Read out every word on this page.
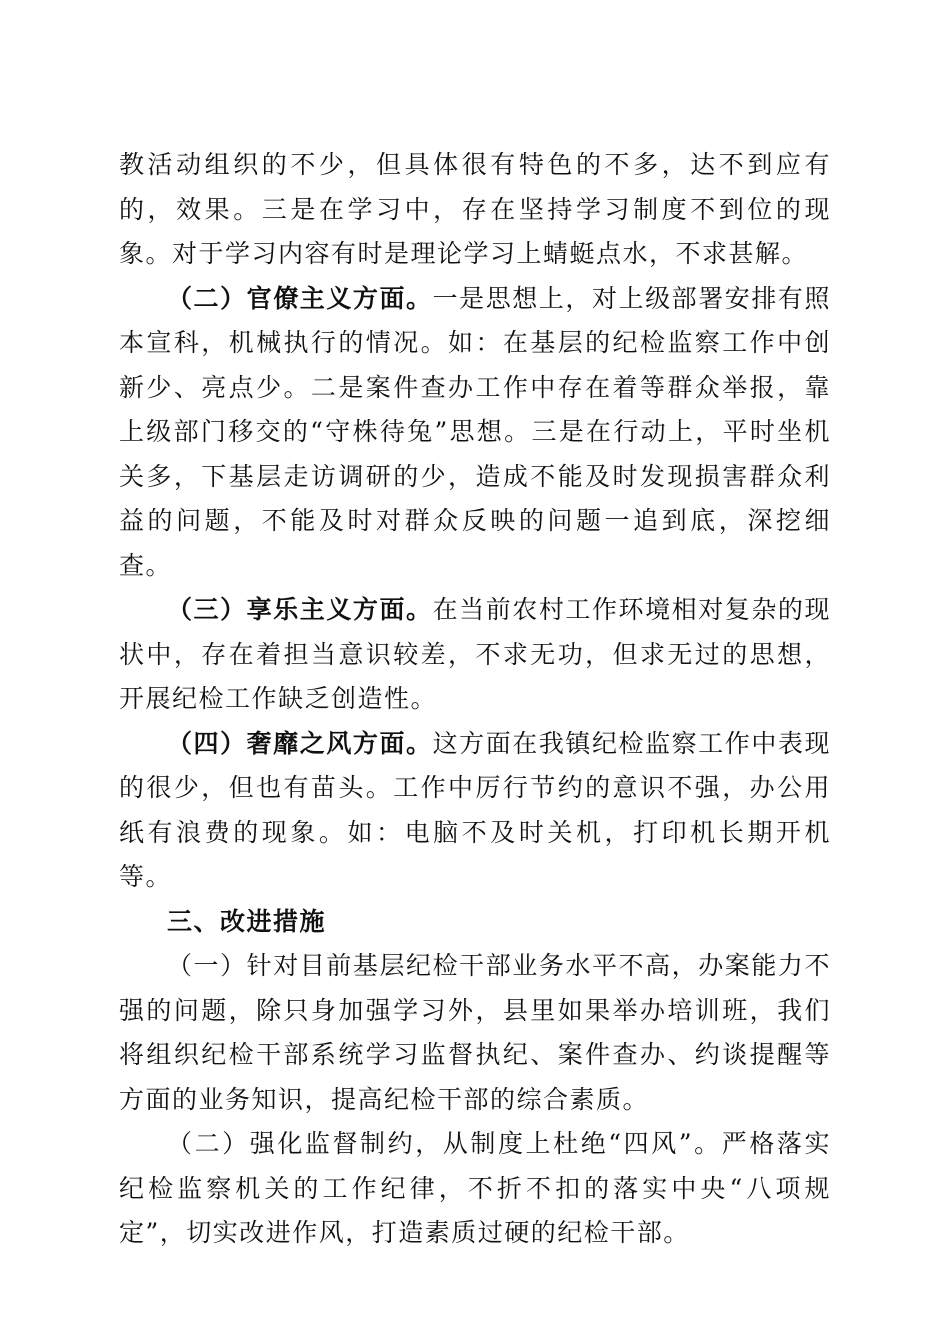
教活动组织的不少，但具体很有特色的不多，达不到应有的，效果。三是在学习中，存在坚持学习制度不到位的现象。对于学习内容有时是理论学习上蜻蜓点水，不求甚解。

（二）官僚主义方面。一是思想上，对上级部署安排有照本宣科，机械执行的情况。如：在基层的纪检监察工作中创新少、亮点少。二是案件查办工作中存在着等群众举报，靠上级部门移交的“守株待兔”思想。三是在行动上，平时坐机关多，下基层走访调研的少，造成不能及时发现损害群众利益的问题，不能及时对群众反映的问题一追到底，深挖细查。

（三）享乐主义方面。在当前农村工作环境相对复杂的现状中，存在着担当意识较差，不求无功，但求无过的思想，开展纪检工作缺乏创造性。

（四）奢靡之风方面。这方面在我镇纪检监察工作中表现的很少，但也有苗头。工作中厉行节约的意识不强，办公用纸有浪费的现象。如：电脑不及时关机，打印机长期开机等。

三、改进措施

（一）针对目前基层纪检干部业务水平不高，办案能力不强的问题，除只身加强学习外，县里如果举办培训班，我们将组织纪检干部系统学习监督执纪、案件查办、约谈提醒等方面的业务知识，提高纪检干部的综合素质。

（二）强化监督制约，从制度上杜绝“四风”。严格落实纪检监察机关的工作纪律，不折不扣的落实中央“八项规定”，切实改进作风，打造素质过硬的纪检干部。
